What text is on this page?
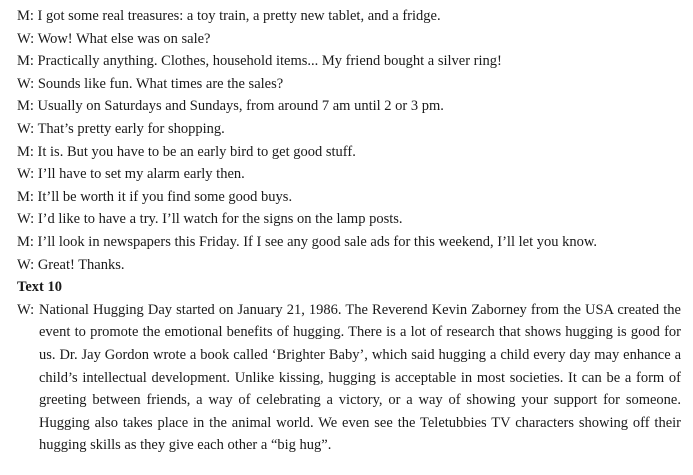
M: I got some real treasures: a toy train, a pretty new tablet, and a fridge.
W: Wow! What else was on sale?
M: Practically anything. Clothes, household items... My friend bought a silver ring!
W: Sounds like fun. What times are the sales?
M: Usually on Saturdays and Sundays, from around 7 am until 2 or 3 pm.
W: That’s pretty early for shopping.
M: It is. But you have to be an early bird to get good stuff.
W: I’ll have to set my alarm early then.
M: It’ll be worth it if you find some good buys.
W: I’d like to have a try. I’ll watch for the signs on the lamp posts.
M: I’ll look in newspapers this Friday. If I see any good sale ads for this weekend, I’ll let you know.
W: Great! Thanks.
Text 10
W: National Hugging Day started on January 21, 1986. The Reverend Kevin Zaborney from the USA created the event to promote the emotional benefits of hugging. There is a lot of research that shows hugging is good for us. Dr. Jay Gordon wrote a book called ‘Brighter Baby’, which said hugging a child every day may enhance a child’s intellectual development. Unlike kissing, hugging is acceptable in most societies. It can be a form of greeting between friends, a way of celebrating a victory, or a way of showing your support for someone. Hugging also takes place in the animal world. We even see the Teletubbies TV characters showing off their hugging skills as they give each other a “big hug”.
